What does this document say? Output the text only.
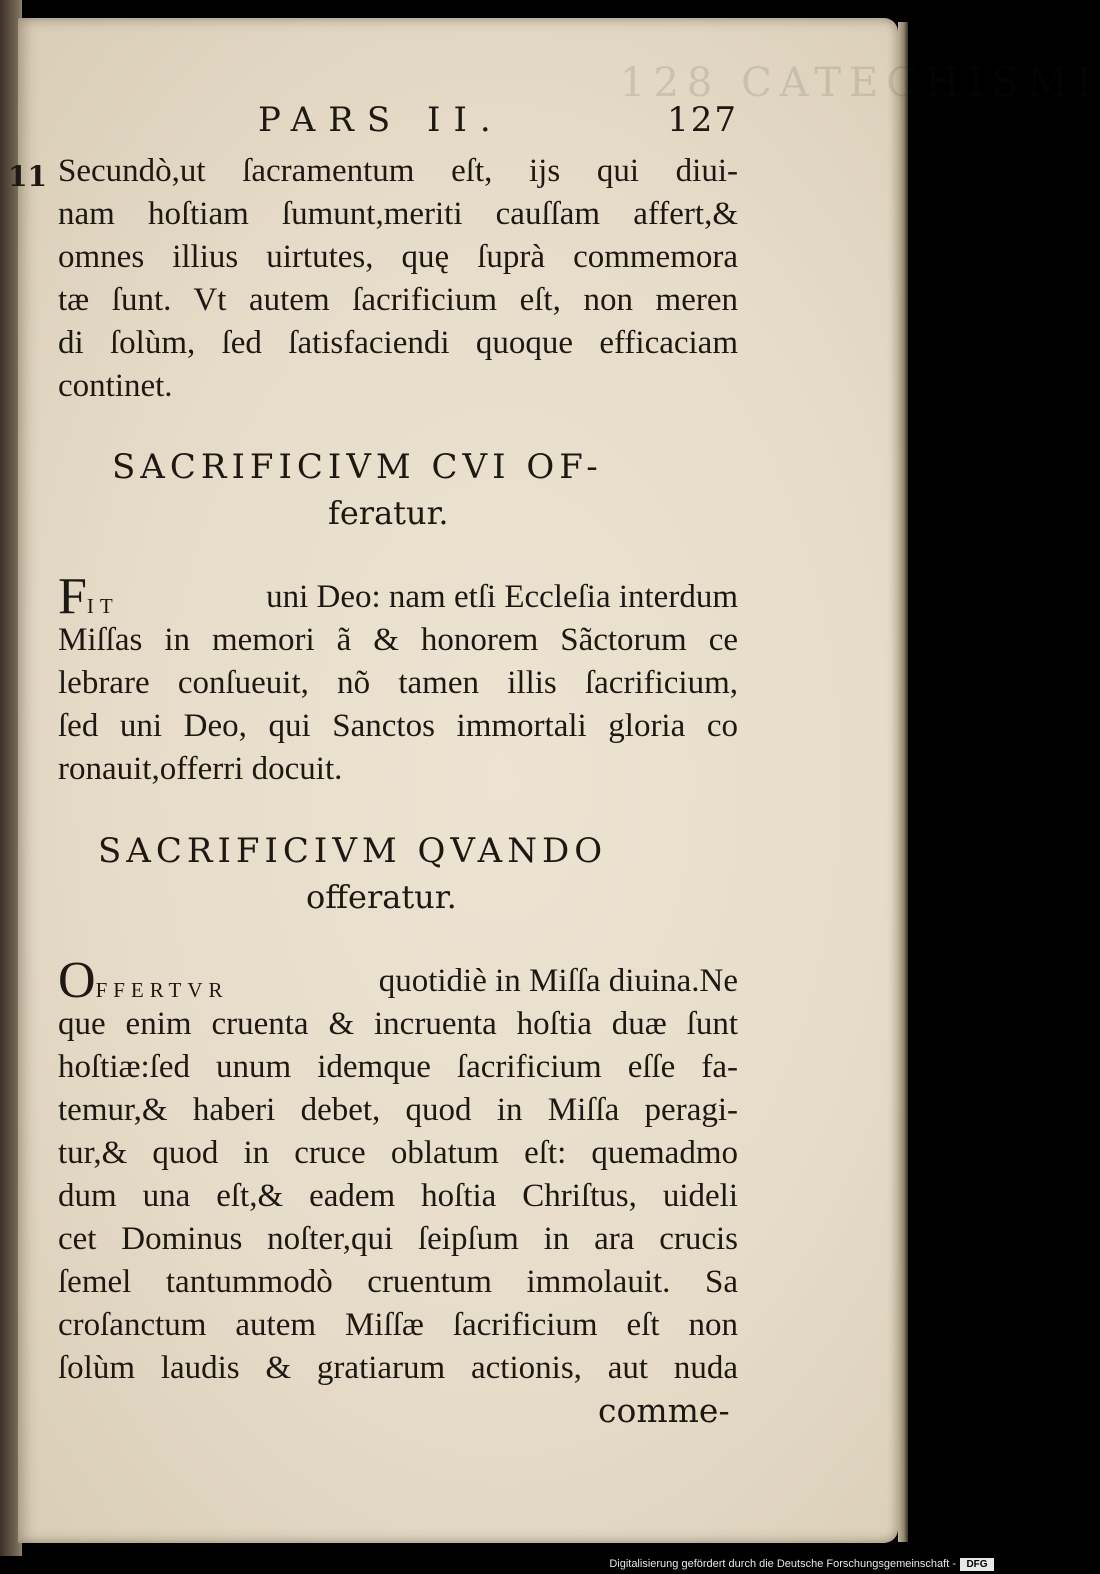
128 CATECHISMI
PARS II.	127
11 Secundò,ut ſacramentum eſt, ijs qui diui-
nam hoſtiam ſumunt,meriti cauſſam affert,&
omnes illius uirtutes, quę ſuprà commemora
tæ ſunt. Vt autem ſacrificium eſt, non meren
di ſolùm, ſed ſatisfaciendi quoque efficaciam
continet.
SACRIFICIVM CVI OF-
feratur.
FIT	uni Deo: nam etſi Eccleſia interdum
Miſſas in memori ã & honorem Sãctorum ce
lebrare conſueuit, nõ tamen illis ſacrificium,
ſed uni Deo, qui Sanctos immortali gloria co
ronauit,offerri docuit.
SACRIFICIVM QVANDO
offeratur.
OFFERTVR	quotidiè in Miſſa diuina.Ne
que enim cruenta & incruenta hoſtia duæ ſunt
hoſtiæ:ſed unum idemque ſacrificium eſſe fa-
temur,& haberi debet, quod in Miſſa peragi-
tur,& quod in cruce oblatum eſt: quemadmo
dum una eſt,& eadem hoſtia Chriſtus, uideli
cet Dominus noſter,qui ſeipſum in ara crucis
ſemel tantummodò cruentum immolauit. Sa
croſanctum autem Miſſæ ſacrificium eſt non
ſolùm laudis & gratiarum actionis, aut nuda
comme-
Digitalisierung gefördert durch die Deutsche Forschungsgemeinschaft -	DFG
